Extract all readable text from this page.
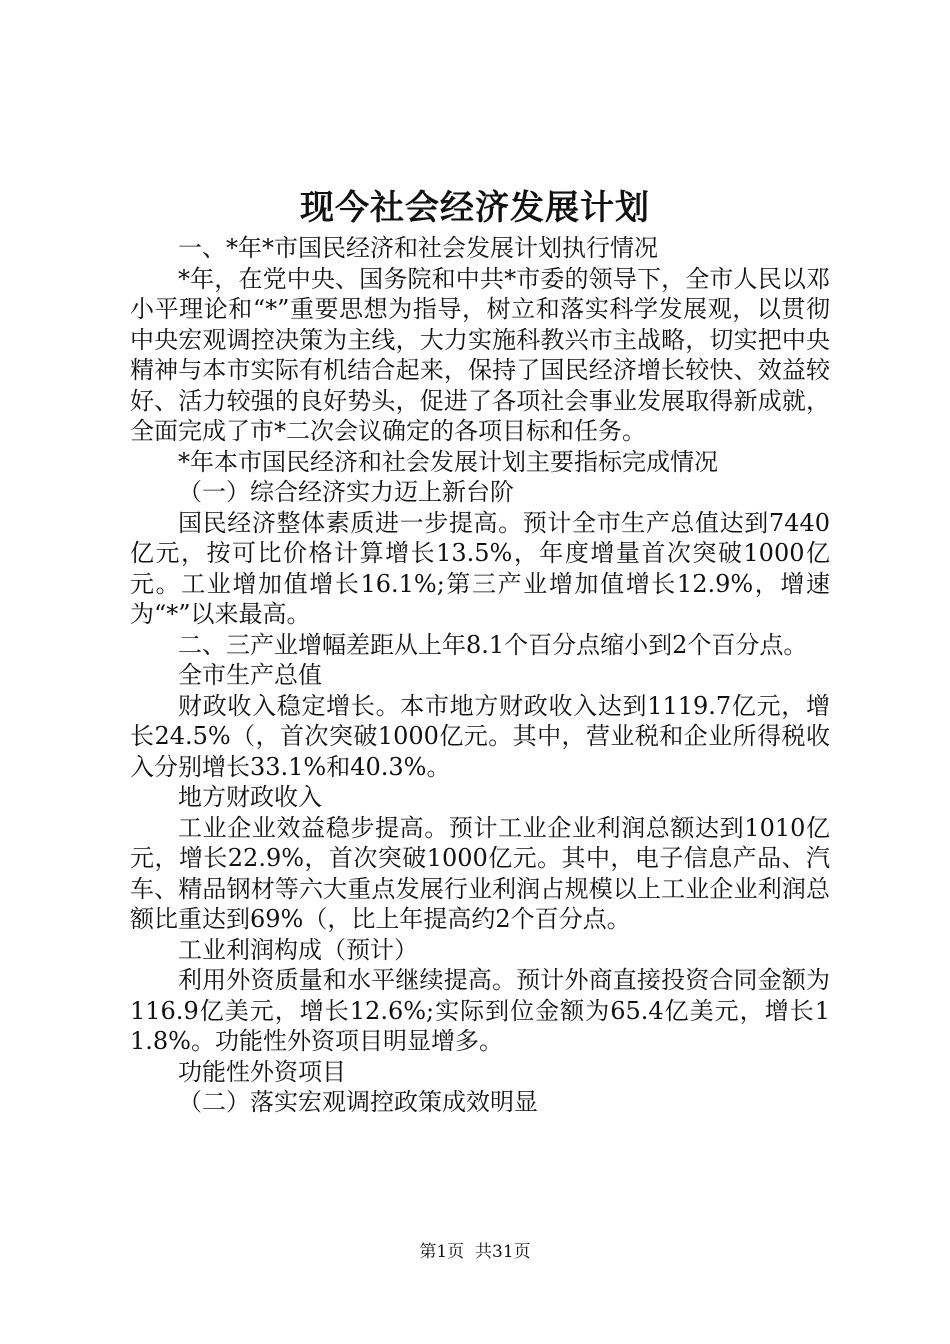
现今社会经济发展计划

一、*年*市国民经济和社会发展计划执行情况

*年，在党中央、国务院和中共*市委的领导下，全市人民以邓小平理论和“*”重要思想为指导，树立和落实科学发展观，以贯彻中央宏观调控决策为主线，大力实施科教兴市主战略，切实把中央精神与本市实际有机结合起来，保持了国民经济增长较快、效益较好、活力较强的良好势头，促进了各项社会事业发展取得新成就，全面完成了市*二次会议确定的各项目标和任务。

*年本市国民经济和社会发展计划主要指标完成情况

（一）综合经济实力迈上新台阶

国民经济整体素质进一步提高。预计全市生产总值达到7440亿元，按可比价格计算增长13.5%，年度增量首次突破1000亿元。工业增加值增长16.1%;第三产业增加值增长12.9%，增速为“*”以来最高。

二、三产业增幅差距从上年8.1个百分点缩小到2个百分点。

全市生产总值

财政收入稳定增长。本市地方财政收入达到1119.7亿元，增长24.5%（，首次突破1000亿元。其中，营业税和企业所得税收入分别增长33.1%和40.3%。

地方财政收入

工业企业效益稳步提高。预计工业企业利润总额达到1010亿元，增长22.9%，首次突破1000亿元。其中，电子信息产品、汽车、精品钢材等六大重点发展行业利润占规模以上工业企业利润总额比重达到69%（，比上年提高约2个百分点。

工业利润构成（预计）

利用外资质量和水平继续提高。预计外商直接投资合同金额为116.9亿美元，增长12.6%;实际到位金额为65.4亿美元，增长11.8%。功能性外资项目明显增多。

功能性外资项目

（二）落实宏观调控政策成效明显

第1页 共31页
